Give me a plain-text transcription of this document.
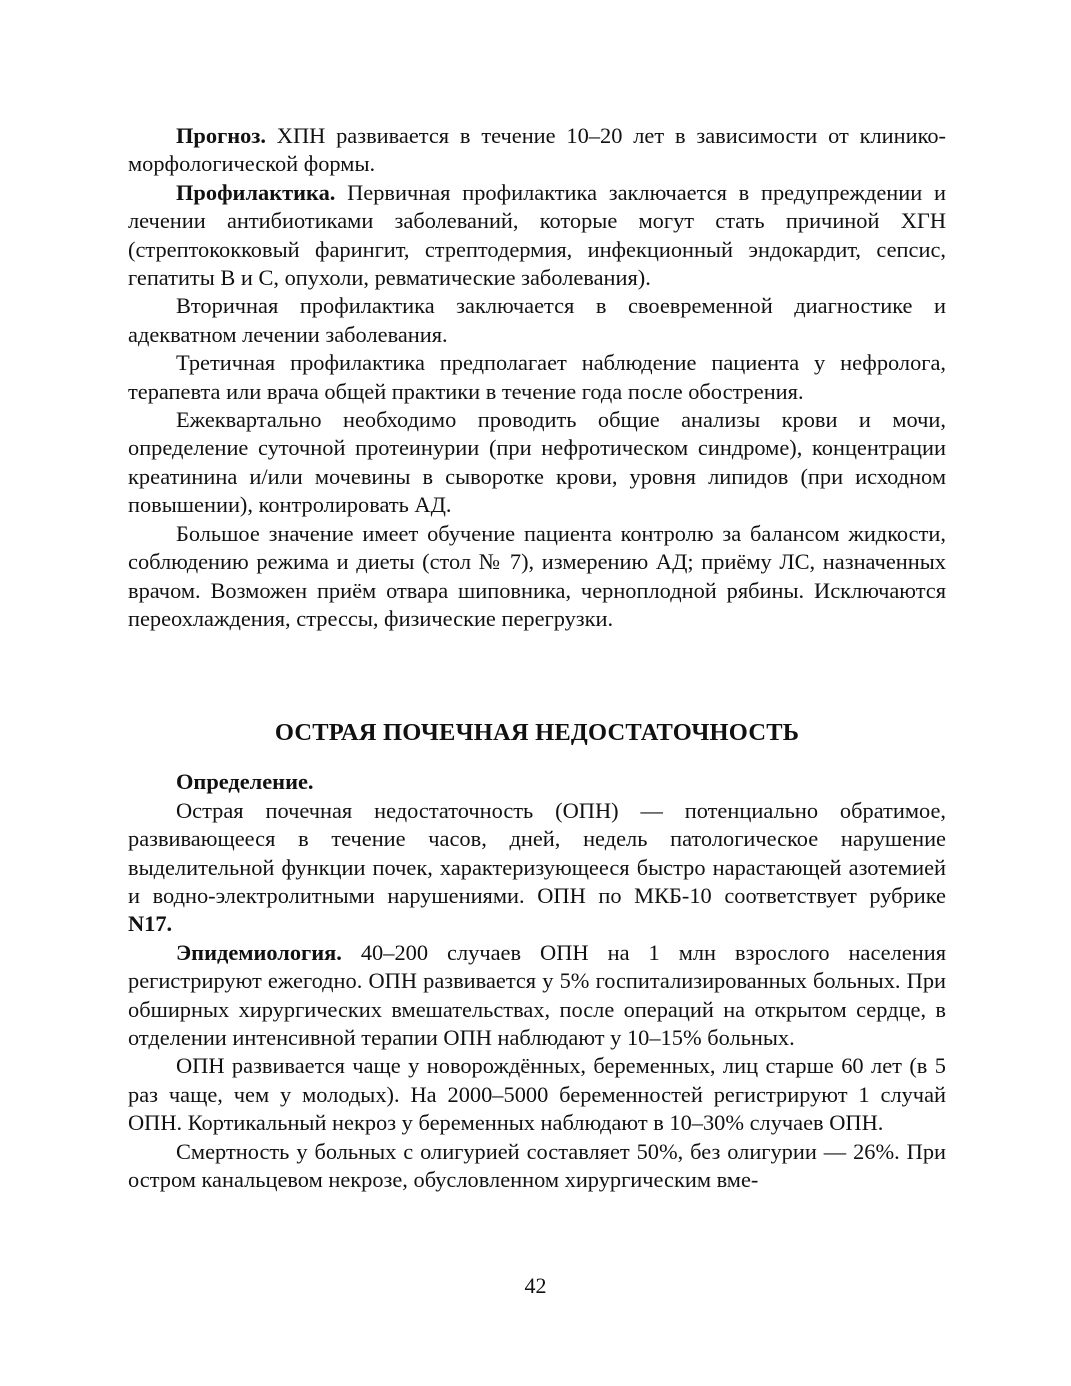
Прогноз. ХПН развивается в течение 10–20 лет в зависимости от клинико-морфологической формы.

Профилактика. Первичная профилактика заключается в предупреждении и лечении антибиотиками заболеваний, которые могут стать причиной ХГН (стрептококковый фарингит, стрептодермия, инфекционный эндокардит, сепсис, гепатиты В и С, опухоли, ревматические заболевания).

Вторичная профилактика заключается в своевременной диагностике и адекватном лечении заболевания.

Третичная профилактика предполагает наблюдение пациента у нефролога, терапевта или врача общей практики в течение года после обострения.

Ежеквартально необходимо проводить общие анализы крови и мочи, определение суточной протеинурии (при нефротическом синдроме), концентрации креатинина и/или мочевины в сыворотке крови, уровня липидов (при исходном повышении), контролировать АД.

Большое значение имеет обучение пациента контролю за балансом жидкости, соблюдению режима и диеты (стол № 7), измерению АД; приёму ЛС, назначенных врачом. Возможен приём отвара шиповника, черноплодной рябины. Исключаются переохлаждения, стрессы, физические перегрузки.

ОСТРАЯ ПОЧЕЧНАЯ НЕДОСТАТОЧНОСТЬ

Определение.

Острая почечная недостаточность (ОПН) — потенциально обратимое, развивающееся в течение часов, дней, недель патологическое нарушение выделительной функции почек, характеризующееся быстро нарастающей азотемией и водно-электролитными нарушениями. ОПН по МКБ-10 соответствует рубрике N17.

Эпидемиология. 40–200 случаев ОПН на 1 млн взрослого населения регистрируют ежегодно. ОПН развивается у 5% госпитализированных больных. При обширных хирургических вмешательствах, после операций на открытом сердце, в отделении интенсивной терапии ОПН наблюдают у 10–15% больных.

ОПН развивается чаще у новорождённых, беременных, лиц старше 60 лет (в 5 раз чаще, чем у молодых). На 2000–5000 беременностей регистрируют 1 случай ОПН. Кортикальный некроз у беременных наблюдают в 10–30% случаев ОПН.

Смертность у больных с олигурией составляет 50%, без олигурии — 26%. При остром канальцевом некрозе, обусловленном хирургическим вме-

42
